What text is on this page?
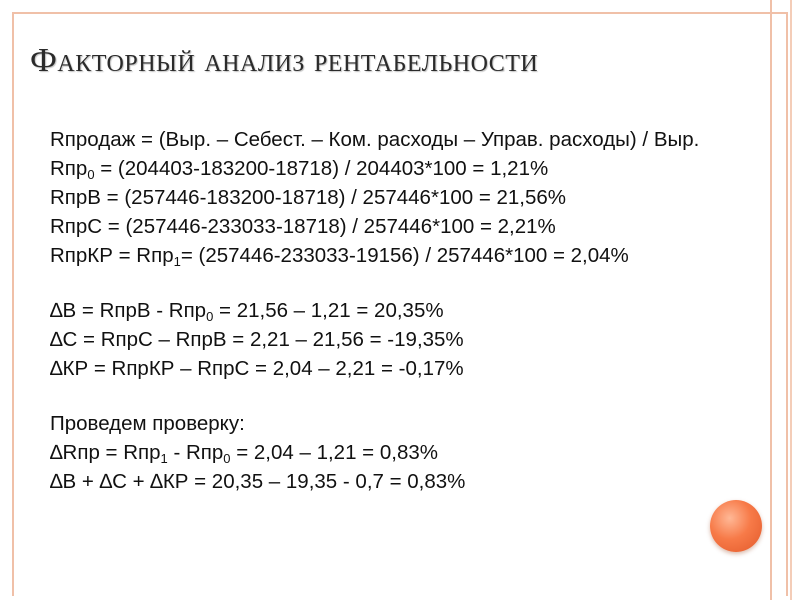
Факторный анализ рентабельности
Rпродаж = (Выр. – Себест. – Ком. расходы – Управ. расходы) / Выр.
Rпр$_0$ = (204403-183200-18718) / 204403*100 = 1,21%
RпрВ = (257446-183200-18718) / 257446*100 = 21,56%
RпрС = (257446-233033-18718) / 257446*100 = 2,21%
RпрКР = Rпр$_1$= (257446-233033-19156) / 257446*100 = 2,04%
∆В = RпрВ - Rпр$_0$ = 21,56 – 1,21 = 20,35%
∆С = RпрС – RпрВ = 2,21 – 21,56 = -19,35%
∆КР = RпрКР – RпрС = 2,04 – 2,21 = -0,17%
Проведем проверку:
∆Rпр = Rпр$_1$ - Rпр$_0$ = 2,04 – 1,21 = 0,83%
∆В + ∆С + ∆КР = 20,35 – 19,35 - 0,7 = 0,83%
